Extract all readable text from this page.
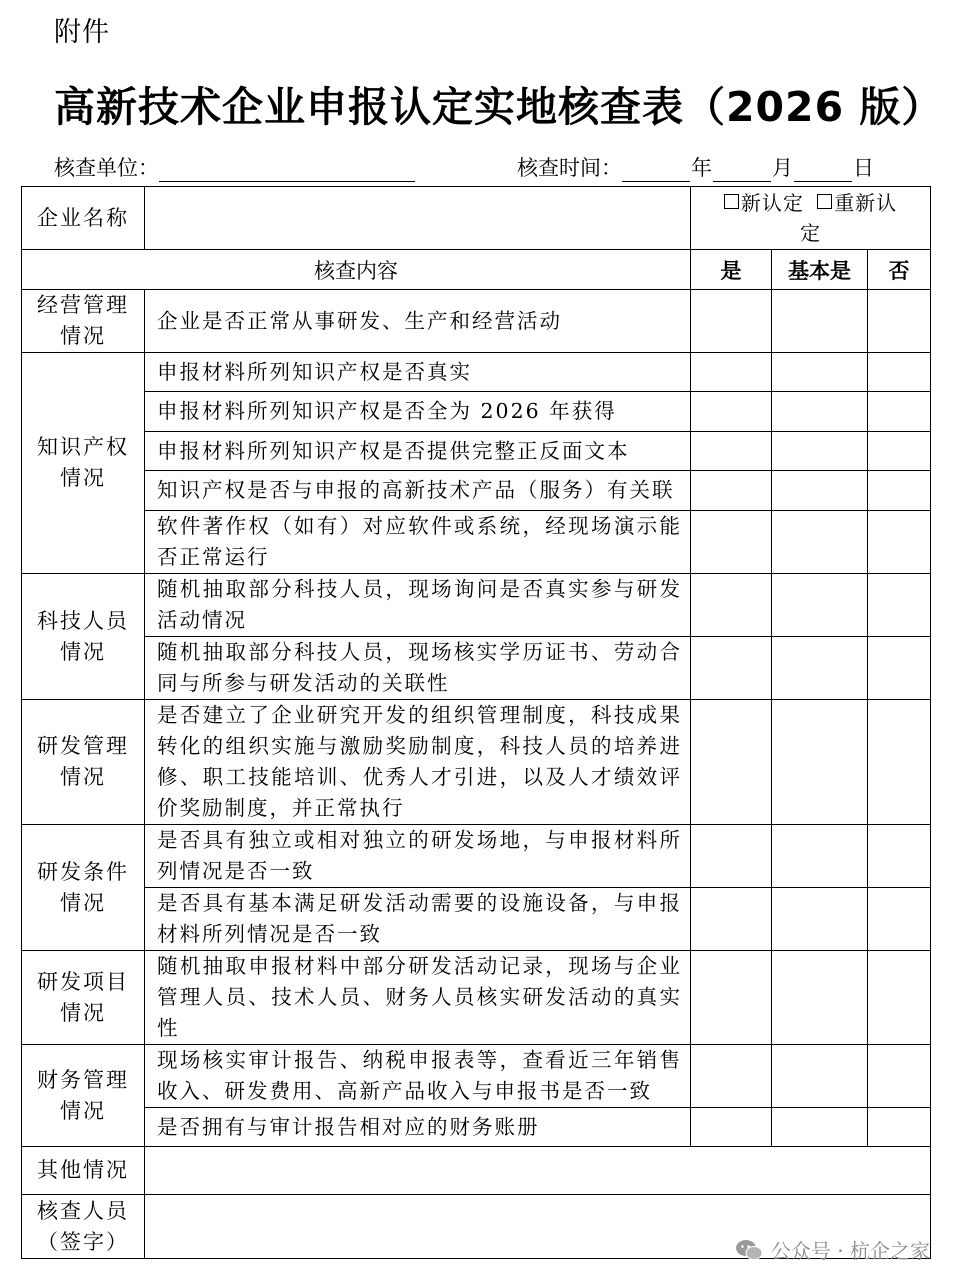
附件
高新技术企业申报认定实地核查表（2026 版）
核查单位：	核查时间：	年	月	日
企业名称		新认定 重新认
定		

核查内容		是	基本是	否

经营管理
情况	企业是否正常从事研发、生产和经营活动			

知识产权
情况	申报材料所列知识产权是否真实			
	申报材料所列知识产权是否全为 2026 年获得			
	申报材料所列知识产权是否提供完整正反面文本			
	知识产权是否与申报的高新技术产品（服务）有关联			
	软件著作权（如有）对应软件或系统，经现场演示能否正常运行			

科技人员
情况	随机抽取部分科技人员，现场询问是否真实参与研发活动情况			
	随机抽取部分科技人员，现场核实学历证书、劳动合同与所参与研发活动的关联性			

研发管理
情况	是否建立了企业研究开发的组织管理制度，科技成果转化的组织实施与激励奖励制度，科技人员的培养进修、职工技能培训、优秀人才引进，以及人才绩效评价奖励制度，并正常执行			

研发条件
情况	是否具有独立或相对独立的研发场地，与申报材料所列情况是否一致			
	是否具有基本满足研发活动需要的设施设备，与申报材料所列情况是否一致			

研发项目
情况	随机抽取申报材料中部分研发活动记录，现场与企业管理人员、技术人员、财务人员核实研发活动的真实性			

财务管理
情况	现场核实审计报告、纳税申报表等，查看近三年销售收入、研发费用、高新产品收入与申报书是否一致			
	是否拥有与审计报告相对应的财务账册			
其他情况				

核查人员
（签字）				
		公众号 · 杭企之家
